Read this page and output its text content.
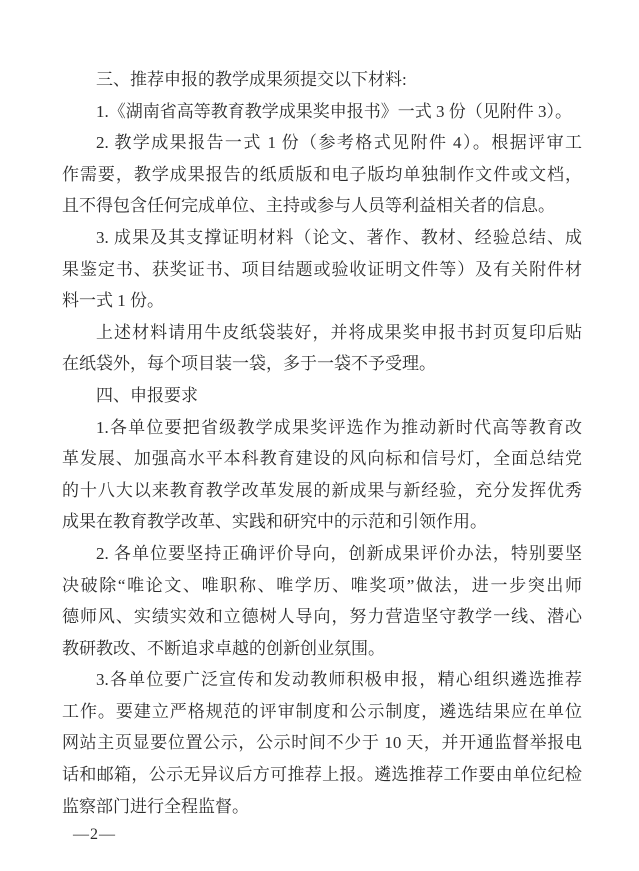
三、推荐申报的教学成果须提交以下材料:
1.《湖南省高等教育教学成果奖申报书》一式 3 份（见附件 3）。
2. 教学成果报告一式 1 份（参考格式见附件 4）。根据评审工
作需要，教学成果报告的纸质版和电子版均单独制作文件或文档，
且不得包含任何完成单位、主持或参与人员等利益相关者的信息。
3. 成果及其支撑证明材料（论文、著作、教材、经验总结、成
果鉴定书、获奖证书、项目结题或验收证明文件等）及有关附件材
料一式 1 份。
上述材料请用牛皮纸袋装好，并将成果奖申报书封页复印后贴
在纸袋外，每个项目装一袋，多于一袋不予受理。
四、申报要求
1.各单位要把省级教学成果奖评选作为推动新时代高等教育改
革发展、加强高水平本科教育建设的风向标和信号灯，全面总结党
的十八大以来教育教学改革发展的新成果与新经验，充分发挥优秀
成果在教育教学改革、实践和研究中的示范和引领作用。
2. 各单位要坚持正确评价导向，创新成果评价办法，特别要坚
决破除“唯论文、唯职称、唯学历、唯奖项”做法，进一步突出师
德师风、实绩实效和立德树人导向，努力营造坚守教学一线、潜心
教研教改、不断追求卓越的创新创业氛围。
3.各单位要广泛宣传和发动教师积极申报，精心组织遴选推荐
工作。要建立严格规范的评审制度和公示制度，遴选结果应在单位
网站主页显要位置公示，公示时间不少于 10 天，并开通监督举报电
话和邮箱，公示无异议后方可推荐上报。遴选推荐工作要由单位纪检
监察部门进行全程监督。
—2—
